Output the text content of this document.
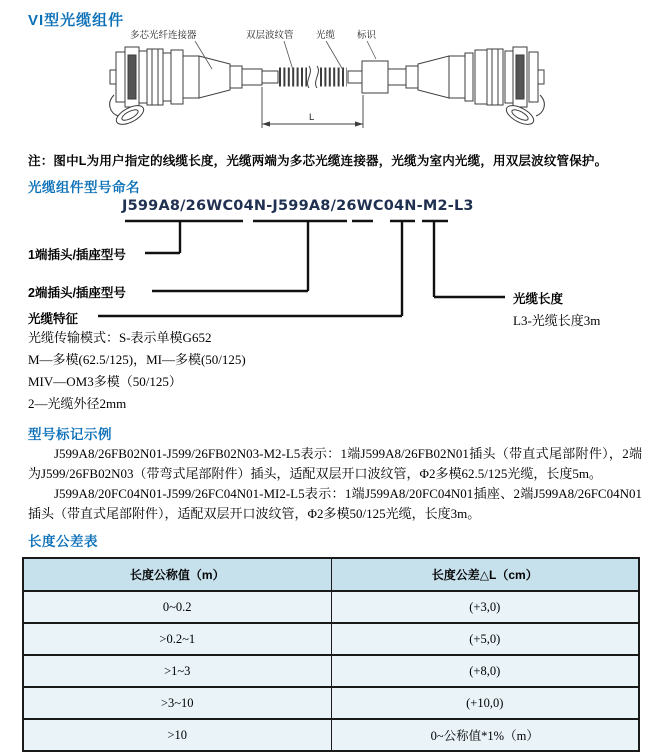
VI型光缆组件
多芯光纤连接器	双层波纹管 光缆 标识
L
注：图中L为用户指定的线缆长度，光缆两端为多芯光缆连接器，光缆为室内光缆，用双层波纹管保护。
光缆组件型号命名
J599A8/26WC04N-J599A8/26WC04N-M2-L3
1端插头/插座型号
2端插头/插座型号
光缆特征
光缆长度
L3-光缆长度3m
光缆传输模式：S-表示单模G652
M—多模(62.5/125)，MI—多模(50/125)
MIV—OM3多模（50/125）
2—光缆外径2mm
型号标记示例

J599A8/26FB02N01-J599/26FB02N03-M2-L5表示：1端J599A8/26FB02N01插头（带直式尾部附件），2端为J599/26FB02N03（带弯式尾部附件）插头，适配双层开口波纹管，Φ2多模62.5/125光缆，长度5m。

J599A8/20FC04N01-J599/26FC04N01-MI2-L5表示：1端J599A8/20FC04N01插座、2端J599A8/26FC04N01插头（带直式尾部附件），适配双层开口波纹管，Φ2多模50/125光缆，长度3m。

长度公差表
长度公称值（m）	长度公差△L（cm）
0~0.2	(+3,0)
>0.2~1	(+5,0)
>1~3	(+8,0)
>3~10	(+10,0)
>10	0~公称值*1%（m）
